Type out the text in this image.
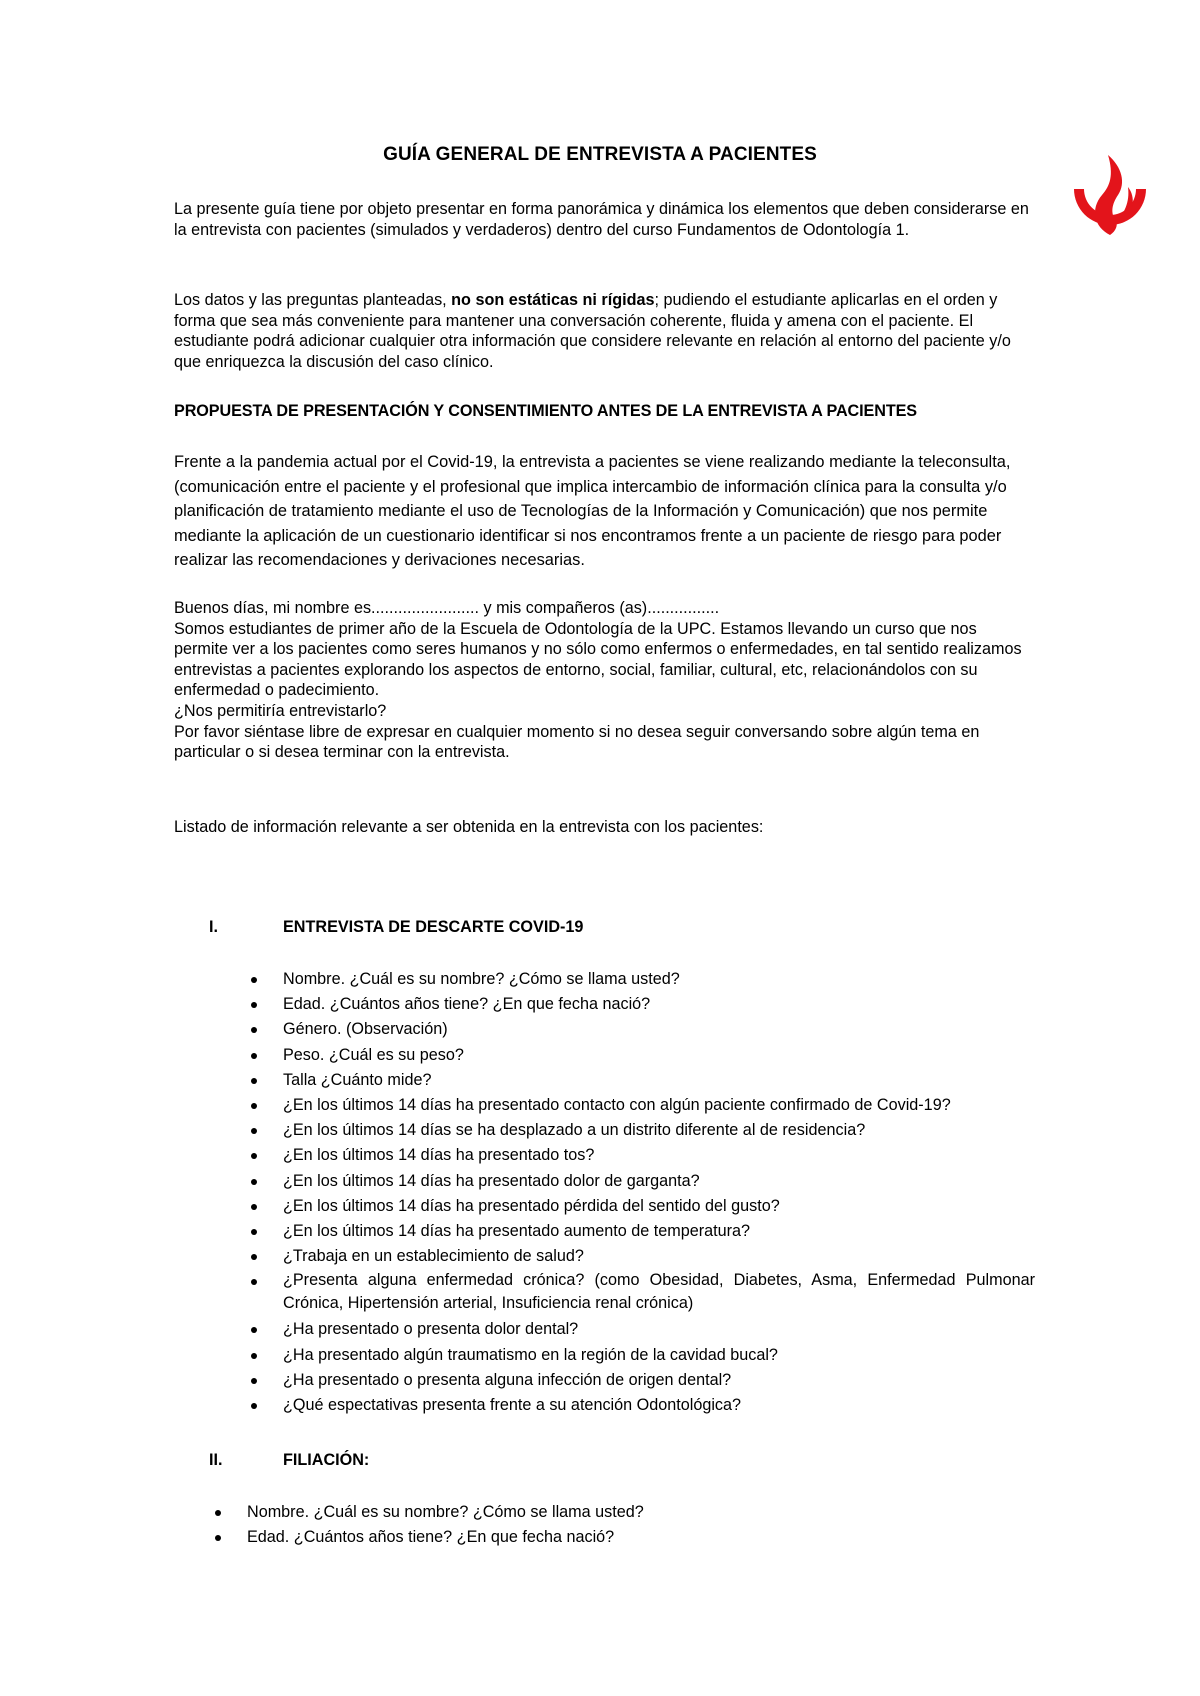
GUÍA GENERAL DE ENTREVISTA A PACIENTES

La presente guía tiene por objeto presentar en forma panorámica y dinámica los elementos que deben considerarse en la entrevista con pacientes (simulados y verdaderos) dentro del curso Fundamentos de Odontología 1.

Los datos y las preguntas planteadas, no son estáticas ni rígidas; pudiendo el estudiante aplicarlas en el orden y forma que sea más conveniente para mantener una conversación coherente, fluida y amena con el paciente. El estudiante podrá adicionar cualquier otra información que considere relevante en relación al entorno del paciente y/o que enriquezca la discusión del caso clínico.

PROPUESTA DE PRESENTACIÓN Y CONSENTIMIENTO ANTES DE LA ENTREVISTA A PACIENTES

Frente a la pandemia actual por el Covid-19, la entrevista a pacientes se viene realizando mediante la teleconsulta, (comunicación entre el paciente y el profesional que implica intercambio de información clínica para la consulta y/o planificación de tratamiento mediante el uso de Tecnologías de la Información y Comunicación) que nos permite mediante la aplicación de un cuestionario identificar si nos encontramos frente a un paciente de riesgo para poder realizar las recomendaciones y derivaciones necesarias.

Buenos días, mi nombre es........................ y mis compañeros (as)................

Somos estudiantes de primer año de la Escuela de Odontología de la UPC. Estamos llevando un curso que nos permite ver a los pacientes como seres humanos y no sólo como enfermos o enfermedades, en tal sentido realizamos entrevistas a pacientes explorando los aspectos de entorno, social, familiar, cultural, etc, relacionándolos con su enfermedad o padecimiento.

¿Nos permitiría entrevistarlo?

Por favor siéntase libre de expresar en cualquier momento si no desea seguir conversando sobre algún tema en particular o si desea terminar con la entrevista.

Listado de información relevante a ser obtenida en la entrevista con los pacientes:

I.	ENTREVISTA DE DESCARTE COVID-19
Nombre. ¿Cuál es su nombre? ¿Cómo se llama usted?
Edad. ¿Cuántos años tiene? ¿En que fecha nació?
Género. (Observación)
Peso. ¿Cuál es su peso?
Talla ¿Cuánto mide?
¿En los últimos 14 días ha presentado contacto con algún paciente confirmado de Covid-19?
¿En los últimos 14 días se ha desplazado a un distrito diferente al de residencia?
¿En los últimos 14 días ha presentado tos?
¿En los últimos 14 días ha presentado dolor de garganta?
¿En los últimos 14 días ha presentado pérdida del sentido del gusto?
¿En los últimos 14 días ha presentado aumento de temperatura?
¿Trabaja en un establecimiento de salud?
¿Presenta alguna enfermedad crónica? (como Obesidad, Diabetes, Asma, Enfermedad Pulmonar Crónica, Hipertensión arterial, Insuficiencia renal crónica)
¿Ha presentado o presenta dolor dental?
¿Ha presentado algún traumatismo en la región de la cavidad bucal?
¿Ha presentado o presenta alguna infección de origen dental?
¿Qué espectativas presenta frente a su atención Odontológica?
II.	FILIACIÓN:
Nombre. ¿Cuál es su nombre? ¿Cómo se llama usted?
Edad. ¿Cuántos años tiene? ¿En que fecha nació?
